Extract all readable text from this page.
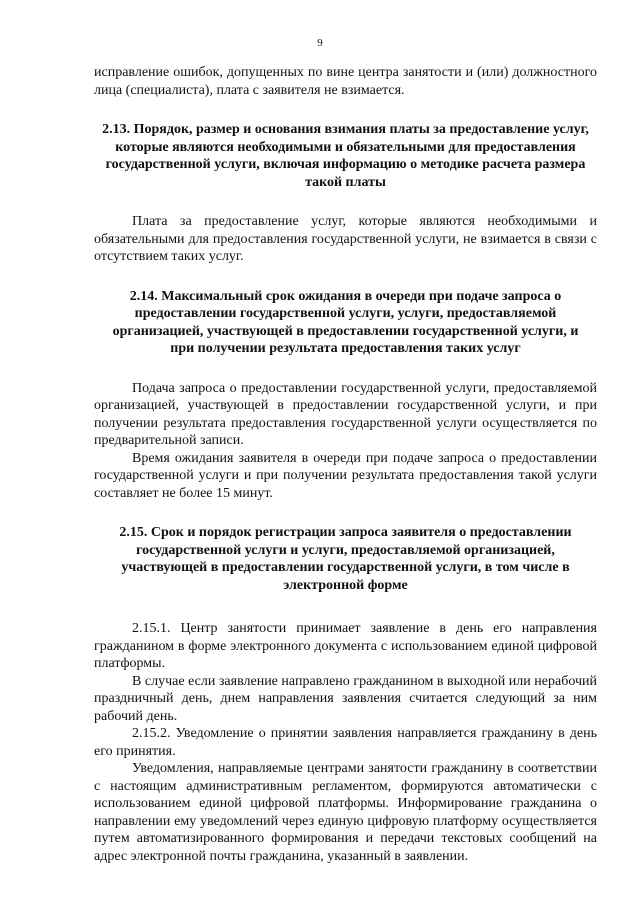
9

исправление ошибок, допущенных по вине центра занятости и (или) должностного лица (специалиста), плата с заявителя не взимается.

2.13. Порядок, размер и основания взимания платы за предоставление услуг, которые являются необходимыми и обязательными для предоставления государственной услуги, включая информацию о методике расчета размера такой платы

Плата за предоставление услуг, которые являются необходимыми и обязательными для предоставления государственной услуги, не взимается в связи с отсутствием таких услуг.

2.14. Максимальный срок ожидания в очереди при подаче запроса о предоставлении государственной услуги, услуги, предоставляемой организацией, участвующей в предоставлении государственной услуги, и при получении результата предоставления таких услуг

Подача запроса о предоставлении государственной услуги, предоставляемой организацией, участвующей в предоставлении государственной услуги, и при получении результата предоставления государственной услуги осуществляется по предварительной записи.

Время ожидания заявителя в очереди при подаче запроса о предоставлении государственной услуги и при получении результата предоставления такой услуги составляет не более 15 минут.

2.15. Срок и порядок регистрации запроса заявителя о предоставлении государственной услуги и услуги, предоставляемой организацией, участвующей в предоставлении государственной услуги, в том числе в электронной форме

2.15.1. Центр занятости принимает заявление в день его направления гражданином в форме электронного документа с использованием единой цифровой платформы.

В случае если заявление направлено гражданином в выходной или нерабочий праздничный день, днем направления заявления считается следующий за ним рабочий день.

2.15.2. Уведомление о принятии заявления направляется гражданину в день его принятия.

Уведомления, направляемые центрами занятости гражданину в соответствии с настоящим административным регламентом, формируются автоматически с использованием единой цифровой платформы. Информирование гражданина о направлении ему уведомлений через единую цифровую платформу осуществляется путем автоматизированного формирования и передачи текстовых сообщений на адрес электронной почты гражданина, указанный в заявлении.
